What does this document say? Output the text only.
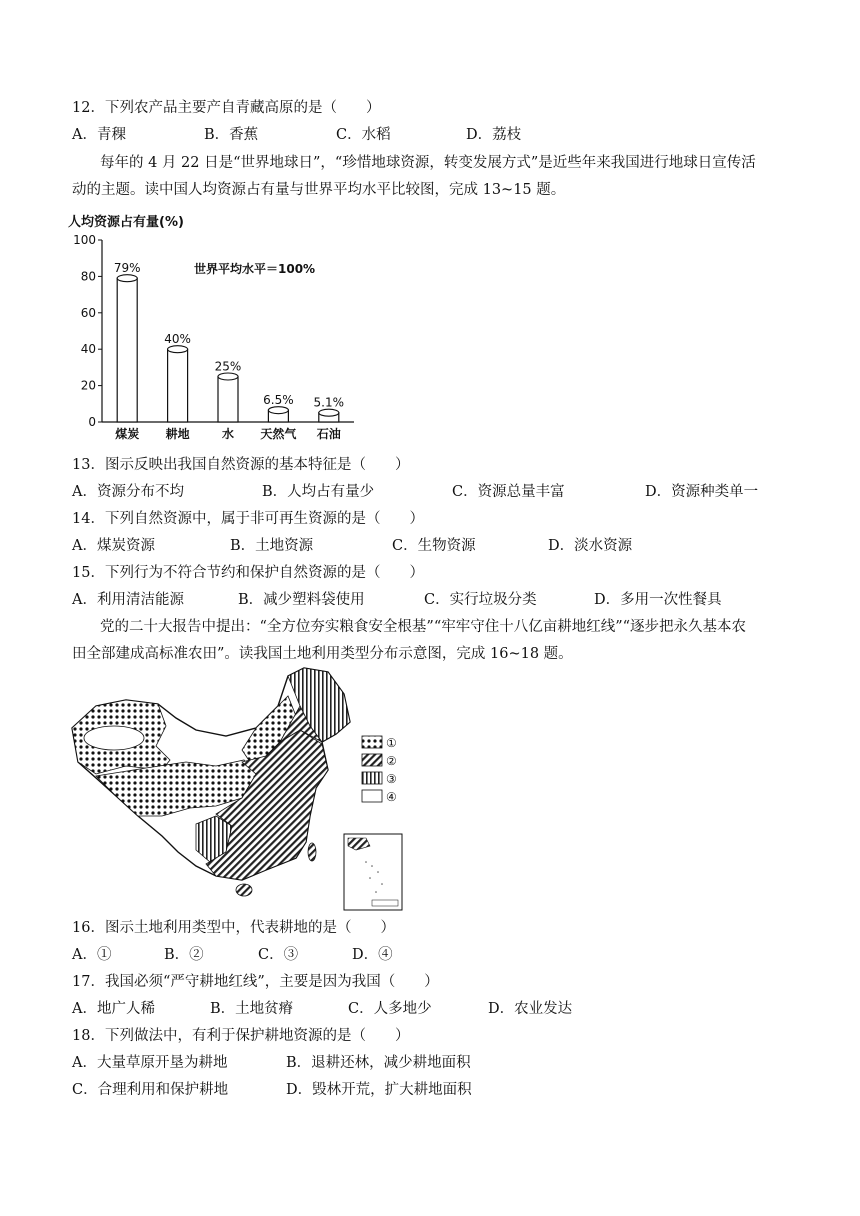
12．下列农产品主要产自青藏高原的是（　　）
A．青稞	B．香蕉	C．水稻	D．荔枝
每年的 4 月 22 日是“世界地球日”，“珍惜地球资源，转变发展方式”是近些年来我国进行地球日宣传活
动的主题。读中国人均资源占有量与世界平均水平比较图，完成 13~15 题。
人均资源占有量(%)
世界平均水平＝100%
0
20
40
60
80
100
79%
煤炭
40%
耕地
25%
水
6.5%
天然气
5.1%
石油
13．图示反映出我国自然资源的基本特征是（　　）
A．资源分布不均	B．人均占有量少	C．资源总量丰富	D．资源种类单一
14．下列自然资源中，属于非可再生资源的是（　　）
A．煤炭资源	B．土地资源	C．生物资源	D．淡水资源
15．下列行为不符合节约和保护自然资源的是（　　）
A．利用清洁能源	B．减少塑料袋使用	C．实行垃圾分类	D．多用一次性餐具
党的二十大报告中提出：“全方位夯实粮食安全根基”“牢牢守住十八亿亩耕地红线”“逐步把永久基本农
田全部建成高标准农田”。读我国土地利用类型分布示意图，完成 16~18 题。
①
②
③
④
16．图示土地利用类型中，代表耕地的是（　　）
A．①	B．②	C．③	D．④
17．我国必须“严守耕地红线”，主要是因为我国（　　）
A．地广人稀	B．土地贫瘠	C．人多地少	D．农业发达
18．下列做法中，有利于保护耕地资源的是（　　）
A．大量草原开垦为耕地	B．退耕还林，减少耕地面积
C．合理利用和保护耕地	D．毁林开荒，扩大耕地面积
